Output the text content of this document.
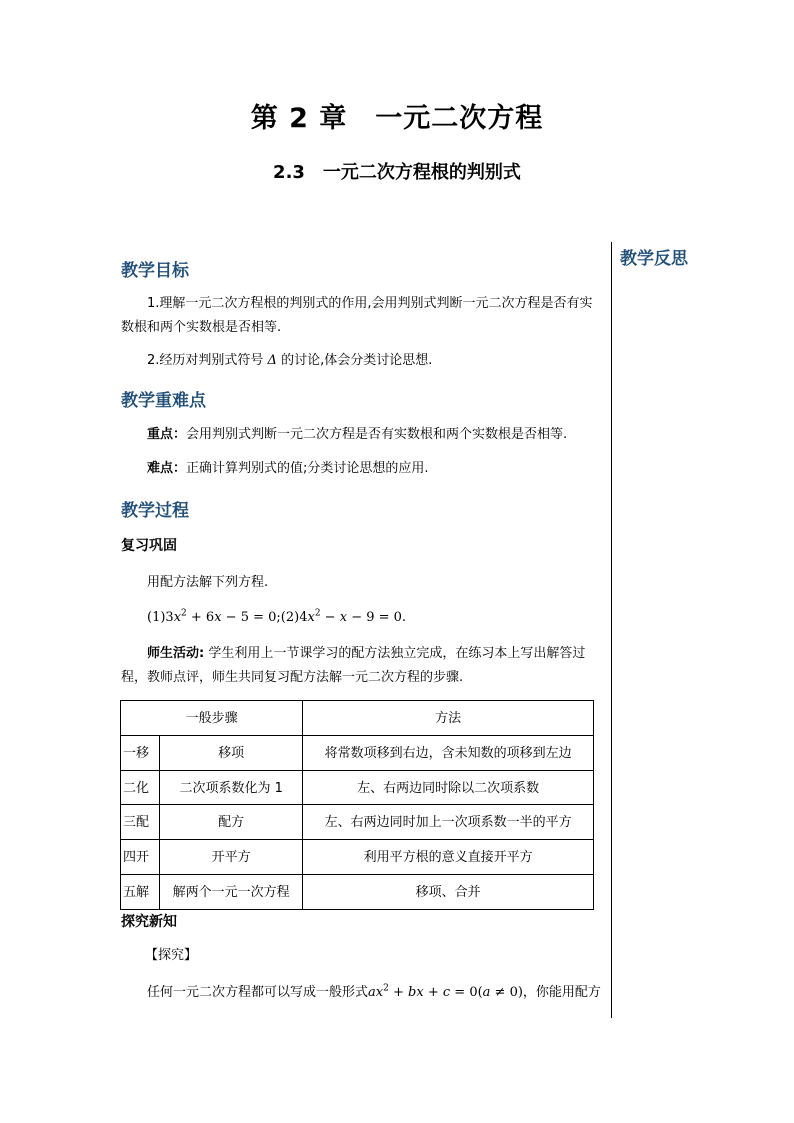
第 2 章　一元二次方程
2.3　一元二次方程根的判别式
教学反思
教学目标
1.理解一元二次方程根的判别式的作用,会用判别式判断一元二次方程是否有实数根和两个实数根是否相等.
2.经历对判别式符号 Δ 的讨论,体会分类讨论思想.
教学重难点
重点：会用判别式判断一元二次方程是否有实数根和两个实数根是否相等.
难点：正确计算判别式的值;分类讨论思想的应用.
教学过程
复习巩固
用配方法解下列方程.
$(1)3x^2 + 6x - 5$ = $0;(2)4x^2 - x - 9 = 0$.
师生活动: 学生利用上一节课学习的配方法独立完成，在练习本上写出解答过程，教师点评，师生共同复习配方法解一元二次方程的步骤.
一般步骤		方法
一移	移项	将常数项移到右边，含未知数的项移到左边
二化	二次项系数化为 1	左、右两边同时除以二次项系数
三配	配方	左、右两边同时加上一次项系数一半的平方
四开	开平方	利用平方根的意义直接开平方
五解	解两个一元一次方程	移项、合并
探究新知
【探究】
任何一元二次方程都可以写成一般形式$ax^2$ + bx + c = 0(a ≠ 0)，你能用配方
